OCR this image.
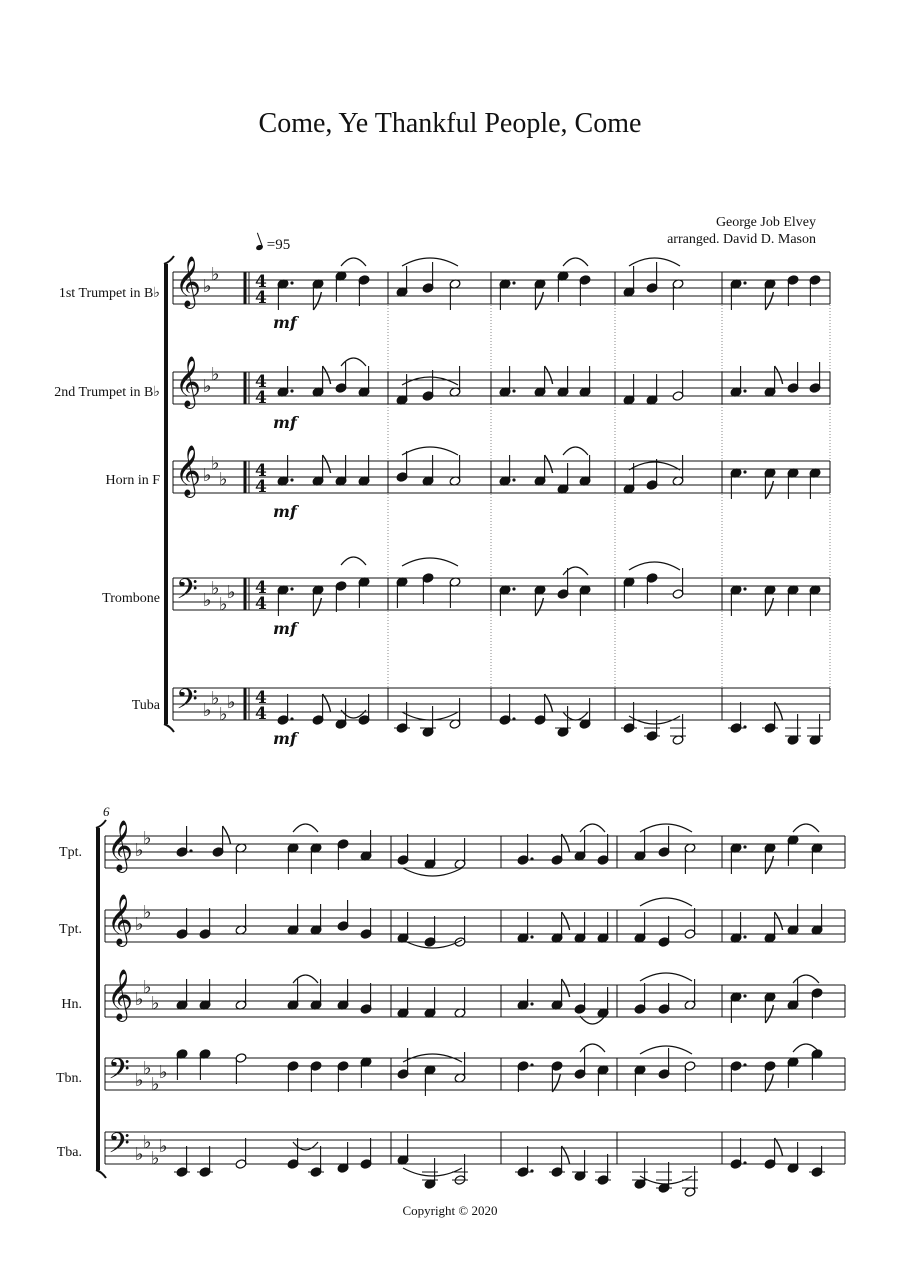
Come, Ye Thankful People, Come
George Job Elvey
arranged. David D. Mason
=95
1st Trumpet in B♭
2nd Trumpet in B♭
Horn in F
Trombone
Tuba
6
Tpt.
Tpt.
Hn.
Tbn.
Tba.
𝄞 ♭
♭ 4
4
mf
𝄞 ♭
♭ 4
4
mf
𝄞 ♭
♭
♭ 4
4
mf
𝄢 ♭
♭
♭
♭ 4
4
mf
𝄢 ♭
♭
♭
♭ 4
4
mf
𝄞 ♭
♭
𝄞 ♭
♭
𝄞 ♭
♭
♭
𝄢 ♭
♭
♭
♭
𝄢 ♭
♭
♭
♭
Copyright © 2020
